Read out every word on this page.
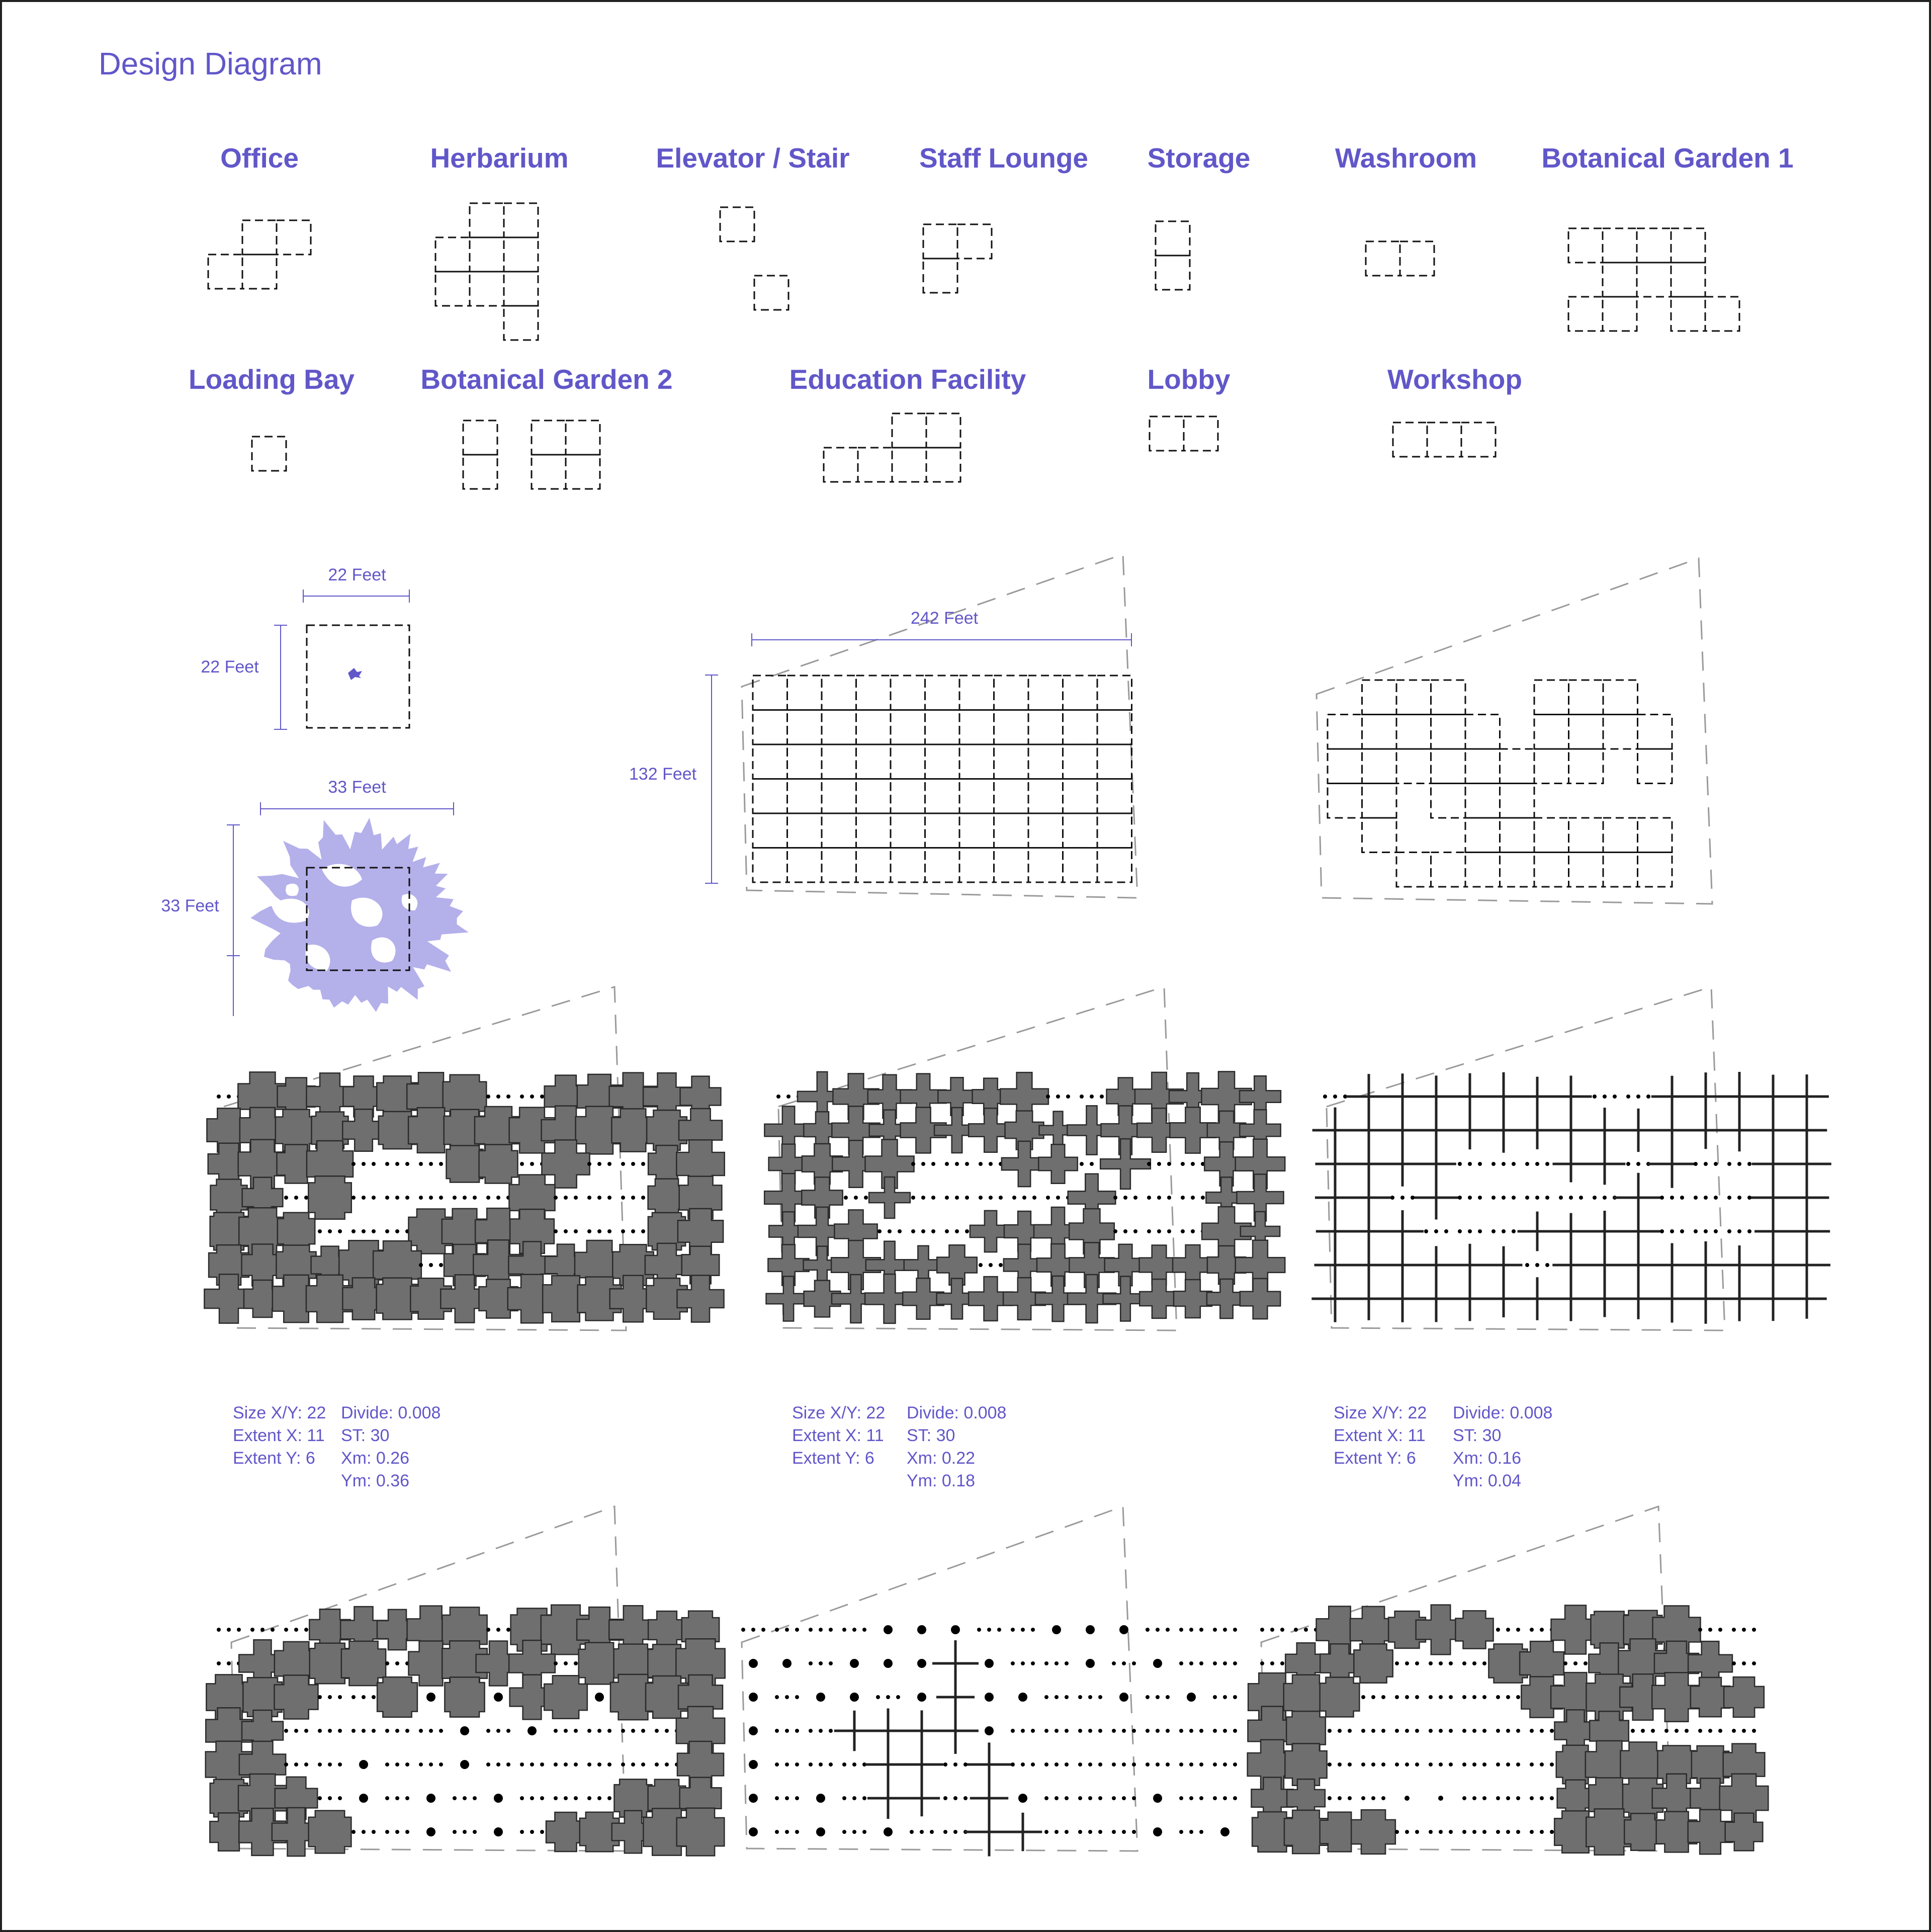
Design Diagram
Office	Herbarium	Elevator / Stair	Staff Lounge Storage	Washroom Botanical Garden 1
Loading Bay Botanical Garden 2	Education Facility	Lobby	Workshop
22 Feet
22 Feet
33 Feet
33 Feet
242 Feet
132 Feet
Size X/Y: 22
Extent X: 11
Extent Y: 6
Divide: 0.008
ST: 30
Xm: 0.26
Ym: 0.36
Size X/Y: 22
Extent X: 11
Extent Y: 6
Divide: 0.008
ST: 30
Xm: 0.22
Ym: 0.18
Size X/Y: 22
Extent X: 11
Extent Y: 6
Divide: 0.008
ST: 30
Xm: 0.16
Ym: 0.04
